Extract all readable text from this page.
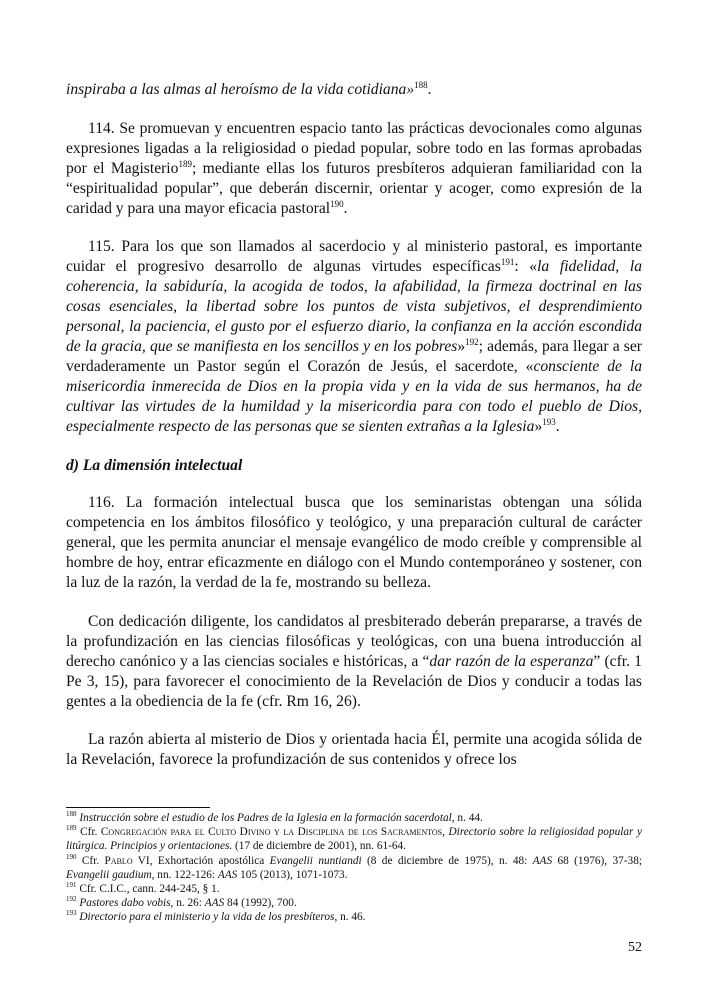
inspiraba a las almas al heroísmo de la vida cotidiana»$^{188}$.

114. Se promuevan y encuentren espacio tanto las prácticas devocionales como algunas expresiones ligadas a la religiosidad o piedad popular, sobre todo en las formas aprobadas por el Magisterio$^{189}$; mediante ellas los futuros presbíteros adquieran familiaridad con la “espiritualidad popular”, que deberán discernir, orientar y acoger, como expresión de la caridad y para una mayor eficacia pastoral$^{190}$.

115. Para los que son llamados al sacerdocio y al ministerio pastoral, es importante cuidar el progresivo desarrollo de algunas virtudes específicas$^{191}$: «la fidelidad, la coherencia, la sabiduría, la acogida de todos, la afabilidad, la firmeza doctrinal en las cosas esenciales, la libertad sobre los puntos de vista subjetivos, el desprendimiento personal, la paciencia, el gusto por el esfuerzo diario, la confianza en la acción escondida de la gracia, que se manifiesta en los sencillos y en los pobres»$^{192}$; además, para llegar a ser verdaderamente un Pastor según el Corazón de Jesús, el sacerdote, «consciente de la misericordia inmerecida de Dios en la propia vida y en la vida de sus hermanos, ha de cultivar las virtudes de la humildad y la misericordia para con todo el pueblo de Dios, especialmente respecto de las personas que se sienten extrañas a la Iglesia»$^{193}$.

d) La dimensión intelectual

116. La formación intelectual busca que los seminaristas obtengan una sólida competencia en los ámbitos filosófico y teológico, y una preparación cultural de carácter general, que les permita anunciar el mensaje evangélico de modo creíble y comprensible al hombre de hoy, entrar eficazmente en diálogo con el Mundo contemporáneo y sostener, con la luz de la razón, la verdad de la fe, mostrando su belleza.

Con dedicación diligente, los candidatos al presbiterado deberán prepararse, a través de la profundización en las ciencias filosóficas y teológicas, con una buena introducción al derecho canónico y a las ciencias sociales e históricas, a “dar razón de la esperanza” (cfr. 1 Pe 3, 15), para favorecer el conocimiento de la Revelación de Dios y conducir a todas las gentes a la obediencia de la fe (cfr. Rm 16, 26).

La razón abierta al misterio de Dios y orientada hacia Él, permite una acogida sólida de la Revelación, favorece la profundización de sus contenidos y ofrece los

$^{188}$ Instrucción sobre el estudio de los Padres de la Iglesia en la formación sacerdotal, n. 44.

$^{189}$ Cfr. Congregación para el Culto Divino y la Disciplina de los Sacramentos, Directorio sobre la religiosidad popular y litúrgica. Principios y orientaciones. (17 de diciembre de 2001), nn. 61-64.

$^{190}$ Cfr. Pablo VI, Exhortación apostólica Evangelii nuntiandi (8 de diciembre de 1975), n. 48: AAS 68 (1976), 37-38; Evangelii gaudium, nn. 122-126: AAS 105 (2013), 1071-1073.

$^{191}$ Cfr. C.I.C., cann. 244-245, § 1.

$^{192}$ Pastores dabo vobis, n. 26: AAS 84 (1992), 700.

$^{193}$ Directorio para el ministerio y la vida de los presbíteros, n. 46.

52
